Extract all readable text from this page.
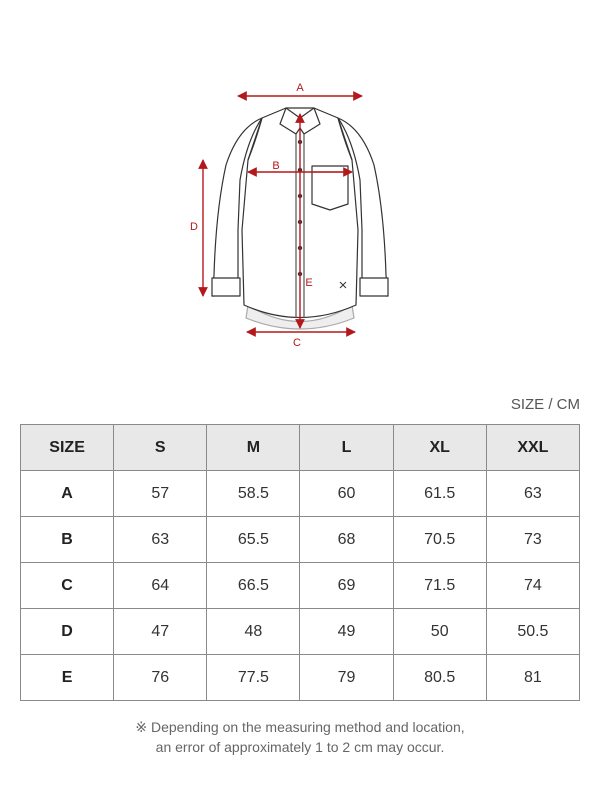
A
B
C
D
E
SIZE / CM
SIZE	S	M	L	XL	XXL
A	57	58.5	60	61.5	63
B	63	65.5	68	70.5	73
C	64	66.5	69	71.5	74
D	47	48	49	50	50.5
E	76	77.5	79	80.5	81
※ Depending on the measuring method and location,
an error of approximately 1 to 2 cm may occur.
